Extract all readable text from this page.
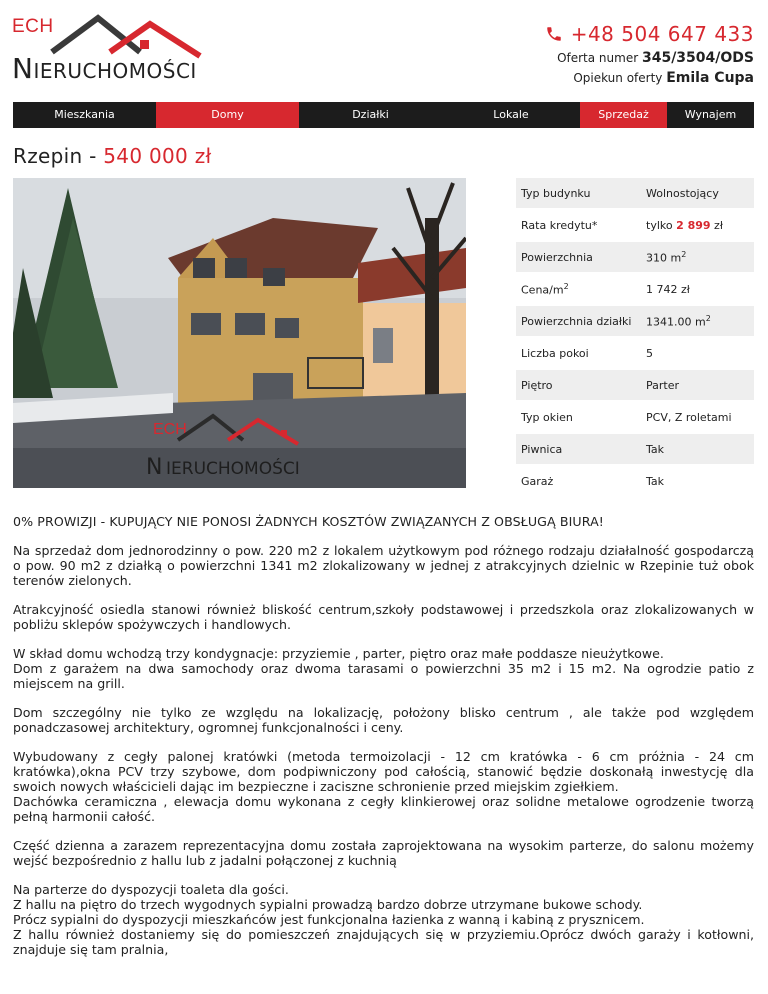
ECH
NIERUCHOMOŚCI
+48 504 647 433
Oferta numer 345/3504/ODS
Opiekun oferty Emila Cupa
Mieszkania	Domy	Działki	Lokale	Sprzedaż	Wynajem
Rzepin - 540 000 zł
ECH
N IERUCHOMOŚCI
Typ budynku	Wolnostojący
Rata kredytu*	tylko 2 899 zł
Powierzchnia	310 $m^2$
Cena/$m^2$	1 742 zł
Powierzchnia działki	1341.00 $m^2$
Liczba pokoi	5
Piętro	Parter
Typ okien	PCV, Z roletami
Piwnica	Tak
Garaż	Tak

0% PROWIZJI - KUPUJĄCY NIE PONOSI ŻADNYCH KOSZTÓW ZWIĄZANYCH Z OBSŁUGĄ BIURA!

Na sprzedaż dom jednorodzinny o pow. 220 m2 z lokalem użytkowym pod różnego rodzaju działalność gospodarczą o pow. 90 m2 z działką o powierzchni 1341 m2 zlokalizowany w jednej z atrakcyjnych dzielnic w Rzepinie tuż obok terenów zielonych.

Atrakcyjność osiedla stanowi również bliskość centrum,szkoły podstawowej i przedszkola oraz zlokalizowanych w pobliżu sklepów spożywczych i handlowych.

W skład domu wchodzą trzy kondygnacje: przyziemie , parter, piętro oraz małe poddasze nieużytkowe.
Dom z garażem na dwa samochody oraz dwoma tarasami o powierzchni 35 m2 i 15 m2. Na ogrodzie patio z miejscem na grill.

Dom szczególny nie tylko ze względu na lokalizację, położony blisko centrum , ale także pod względem ponadczasowej architektury, ogromnej funkcjonalności i ceny.

Wybudowany z cegły palonej kratówki (metoda termoizolacji - 12 cm kratówka - 6 cm próżnia - 24 cm kratówka),okna PCV trzy szybowe, dom podpiwniczony pod całością, stanowić będzie doskonałą inwestycję dla swoich nowych właścicieli dając im bezpieczne i zaciszne schronienie przed miejskim zgiełkiem.
Dachówka ceramiczna , elewacja domu wykonana z cegły klinkierowej oraz solidne metalowe ogrodzenie tworzą pełną harmonii całość.

Część dzienna a zarazem reprezentacyjna domu została zaprojektowana na wysokim parterze, do salonu możemy wejść bezpośrednio z hallu lub z jadalni połączonej z kuchnią

Na parterze do dyspozycji toaleta dla gości.
Z hallu na piętro do trzech wygodnych sypialni prowadzą bardzo dobrze utrzymane bukowe schody.
Prócz sypialni do dyspozycji mieszkańców jest funkcjonalna łazienka z wanną i kabiną z prysznicem.
Z hallu również dostaniemy się do pomieszczeń znajdujących się w przyziemiu.Oprócz dwóch garaży i kotłowni, znajduje się tam pralnia,
